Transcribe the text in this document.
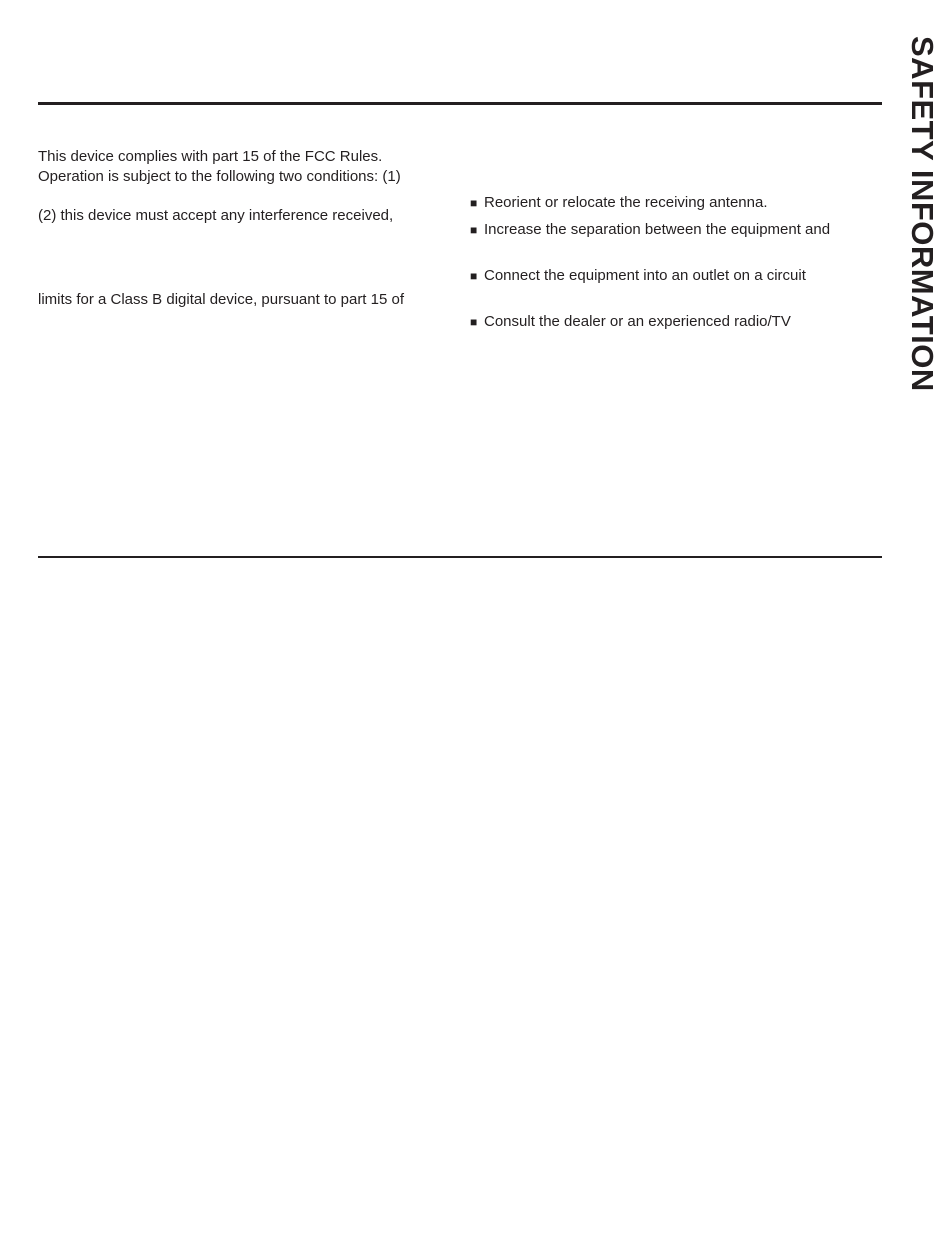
This device complies with part 15 of the FCC Rules.
Operation is subject to the following two conditions: (1)
(2) this device must accept any interference received,
limits for a Class B digital device, pursuant to part 15 of
■ Reorient or relocate the receiving antenna.
■ Increase the separation between the equipment and
■ Connect the equipment into an outlet on a circuit
■ Consult the dealer or an experienced radio/TV	SAFETY INFORMATION
